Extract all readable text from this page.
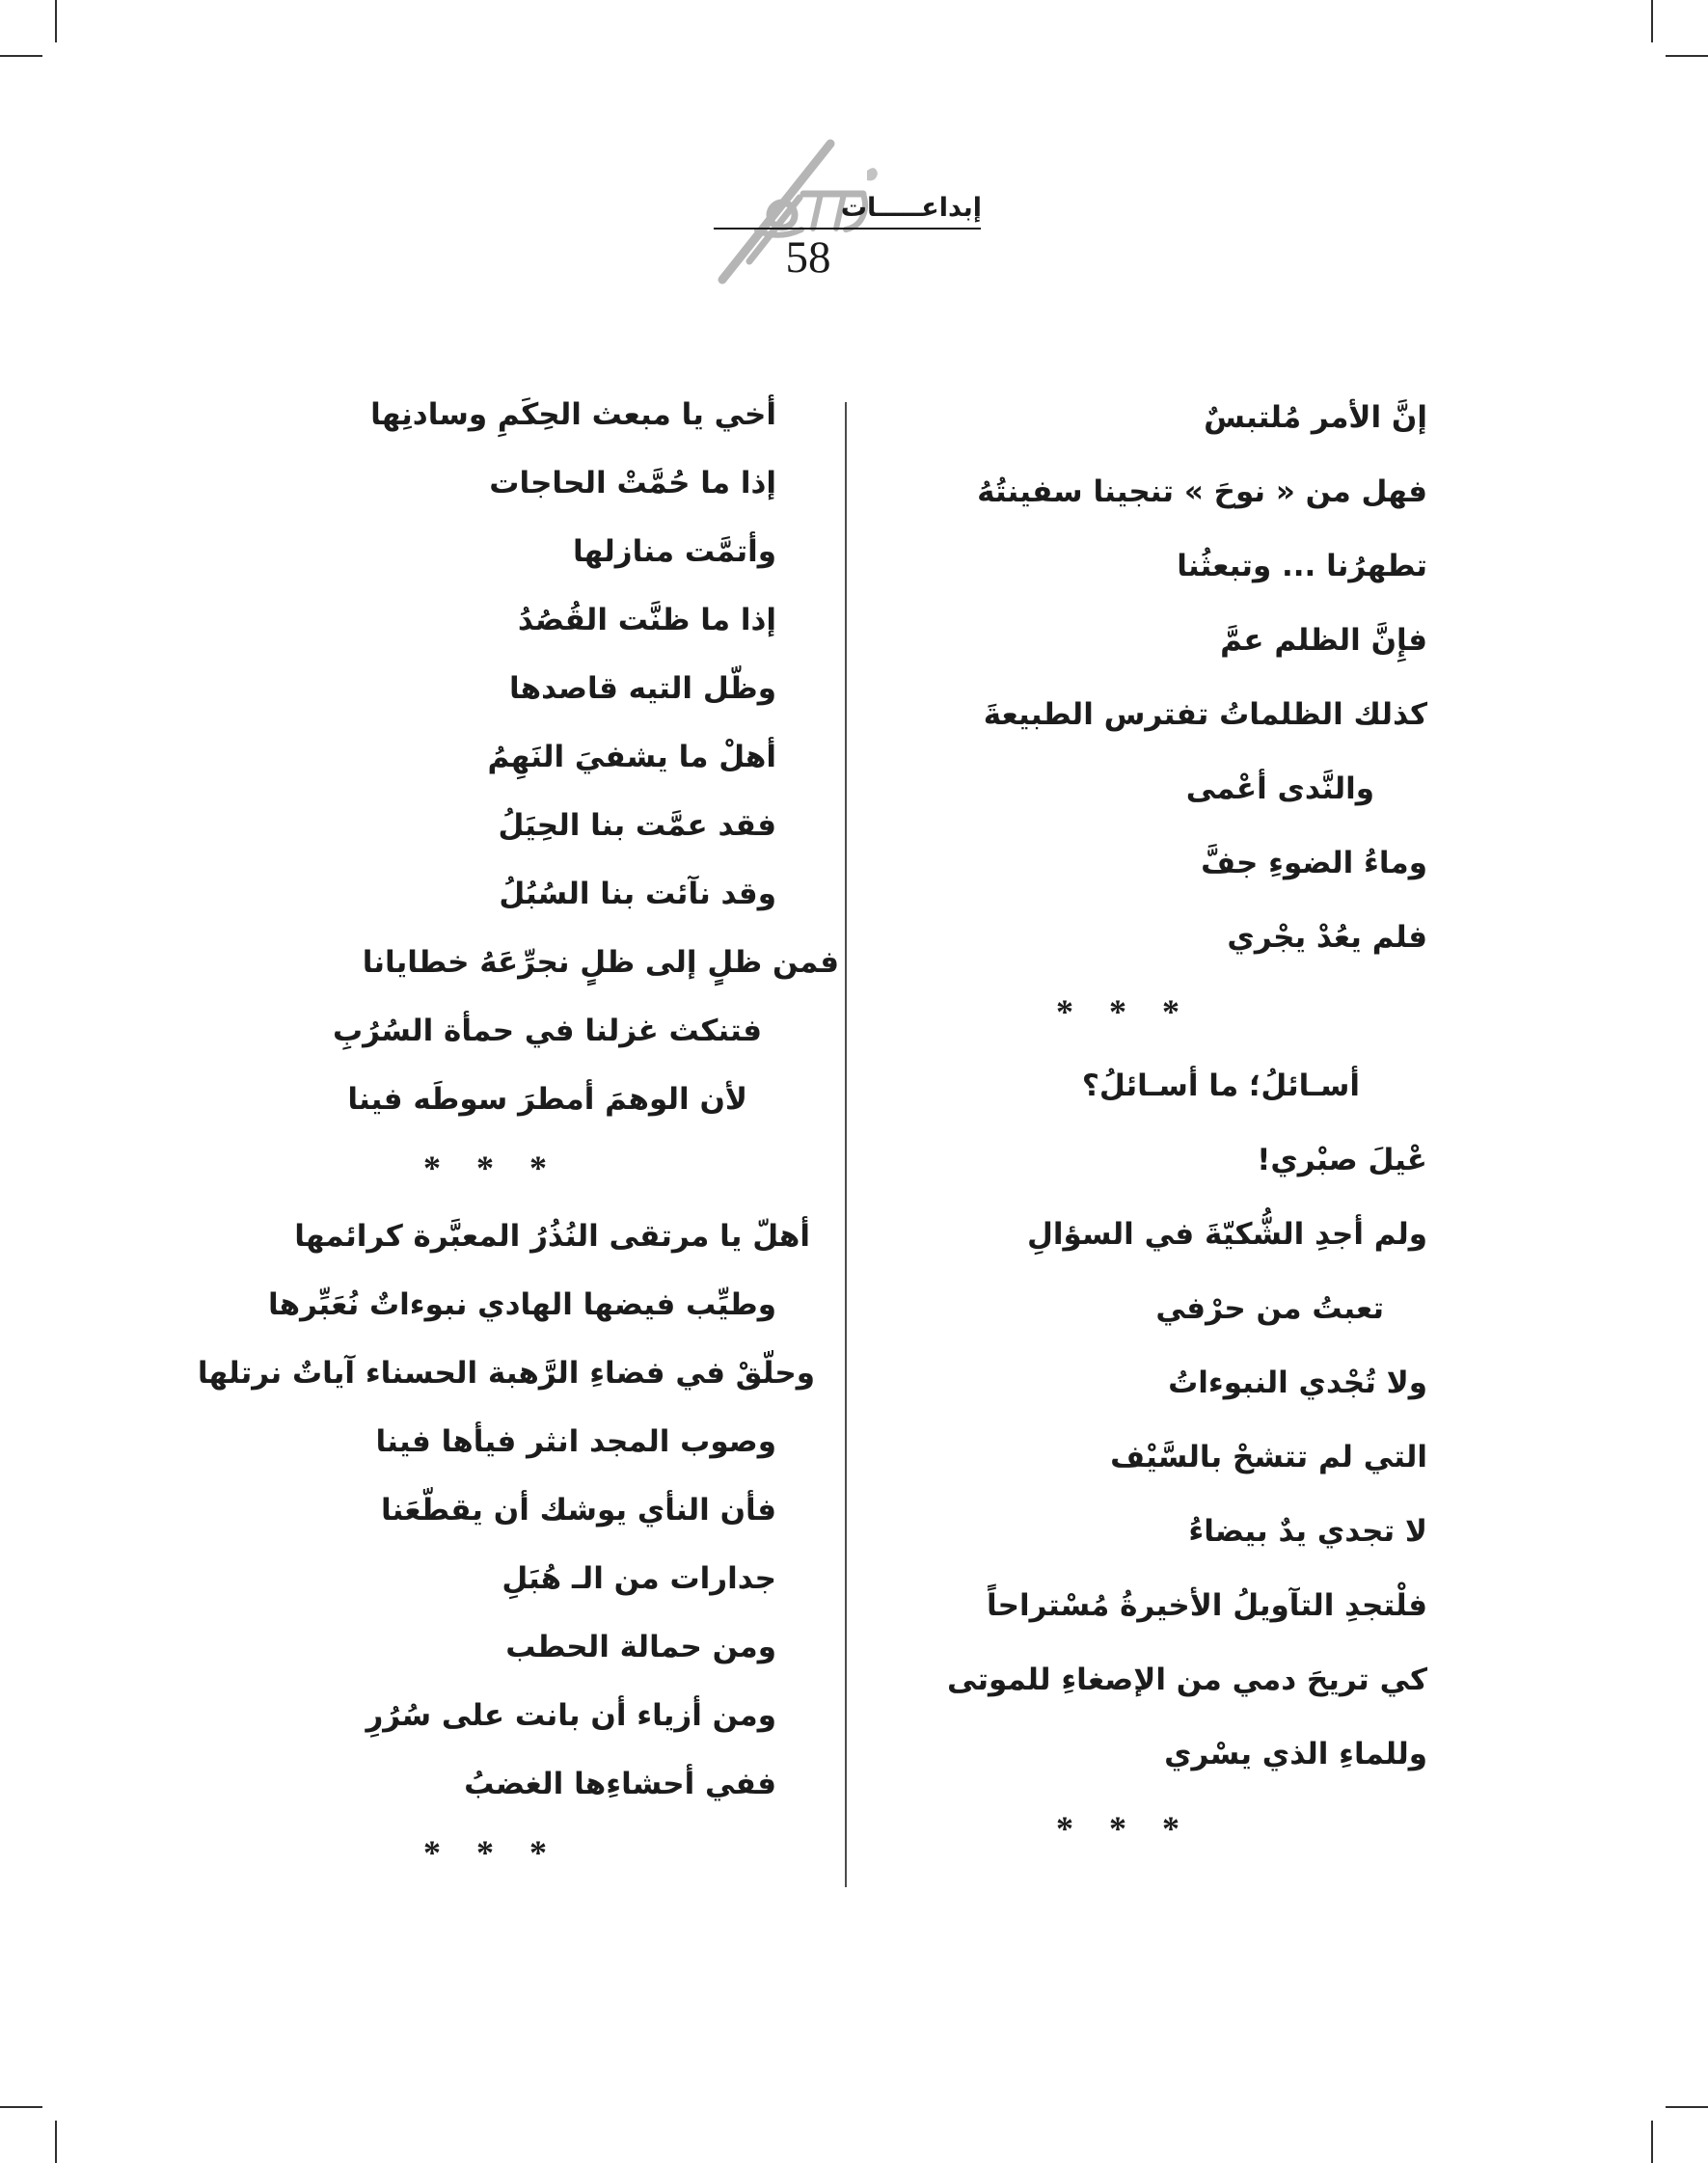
إبداعـــــات
58
إنَّ الأمر مُلتبسٌ
فهل من « نوحَ » تنجينا سفينتُهُ
تطهرُنا ... وتبعثُنا
فإِنَّ الظلم عمَّ
كذلك الظلماتُ تفترس الطبيعةَ
والنَّدى أعْمى
وماءُ الضوءِ جفَّ
فلم يعُدْ يجْري
* * *
أسـائلُ؛ ما أسـائلُ؟
عْيلَ صبْري!
ولم أجدِ الشُّكيّةَ في السؤالِ
تعبتُ من حرْفي
ولا تُجْدي النبوءاتُ
التي لم تتشحْ بالسَّيْف
لا تجدي يدٌ بيضاءُ
فلْتجدِ التآويلُ الأخيرةُ مُسْتراحاً
كي تريحَ دمي من الإصغاءِ للموتى
وللماءِ الذي يسْري
* * *
أخي يا مبعث الحِكَمِ وسادنِها
إذا ما حُمَّتْ الحاجات
وأتمَّت منازلها
إذا ما ظنَّت القُصُدُ
وظّل التيه قاصدها
أهلْ ما يشفيَ النَهِمُ
فقد عمَّت بنا الحِيَلُ
وقد نآئت بنا السُبُلُ
فمن ظلٍ إلى ظلٍ نجرِّعَهُ خطايانا
فتنكث غزلنا في حمأة السُرُبِ
لأن الوهمَ أمطرَ سوطَه فينا
* * *
أهلّ يا مرتقى النُذُرُ المعبَّرة كرائمها
وطيِّب فيضها الهادي نبوءاتٌ نُعَبِّرها
وحلّقْ في فضاءِ الرَّهبة الحسناء آياتٌ نرتلها
وصوب المجد انثر فيأها فينا
فأن النأي يوشك أن يقطّعَنا
جدارات من الـ هُبَلِ
ومن حمالة الحطب
ومن أزياء أن بانت على سُرُرِ
ففي أحشاءِها الغضبُ
* * *
